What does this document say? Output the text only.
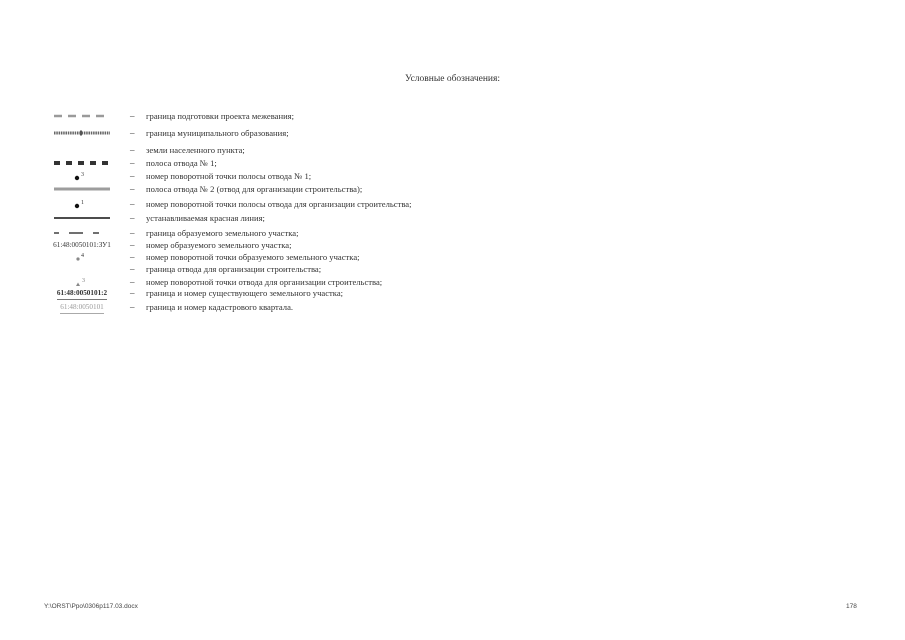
Условные обозначения:
– граница подготовки проекта межевания;
– граница муниципального образования;
– земли населенного пункта;
– полоса отвода № 1;
3	– номер поворотной точки полосы отвода № 1;
– полоса отвода № 2 (отвод для организации строительства);
1	– номер поворотной точки полосы отвода для организации строительства;
– устанавливаемая красная линия;
– граница образуемого земельного участка;
61:48:0050101:ЗУ1 – номер образуемого земельного участка;
4	– номер поворотной точки образуемого земельного участка;
– граница отвода для организации строительства;
3	– номер поворотной точки отвода для организации строительства;
61:48:0050101:2	– граница и номер существующего земельного участка;
61:48:0050101	– граница и номер кадастрового квартала.
Y:\ORST\Ppo\0306p117.03.docx	178
